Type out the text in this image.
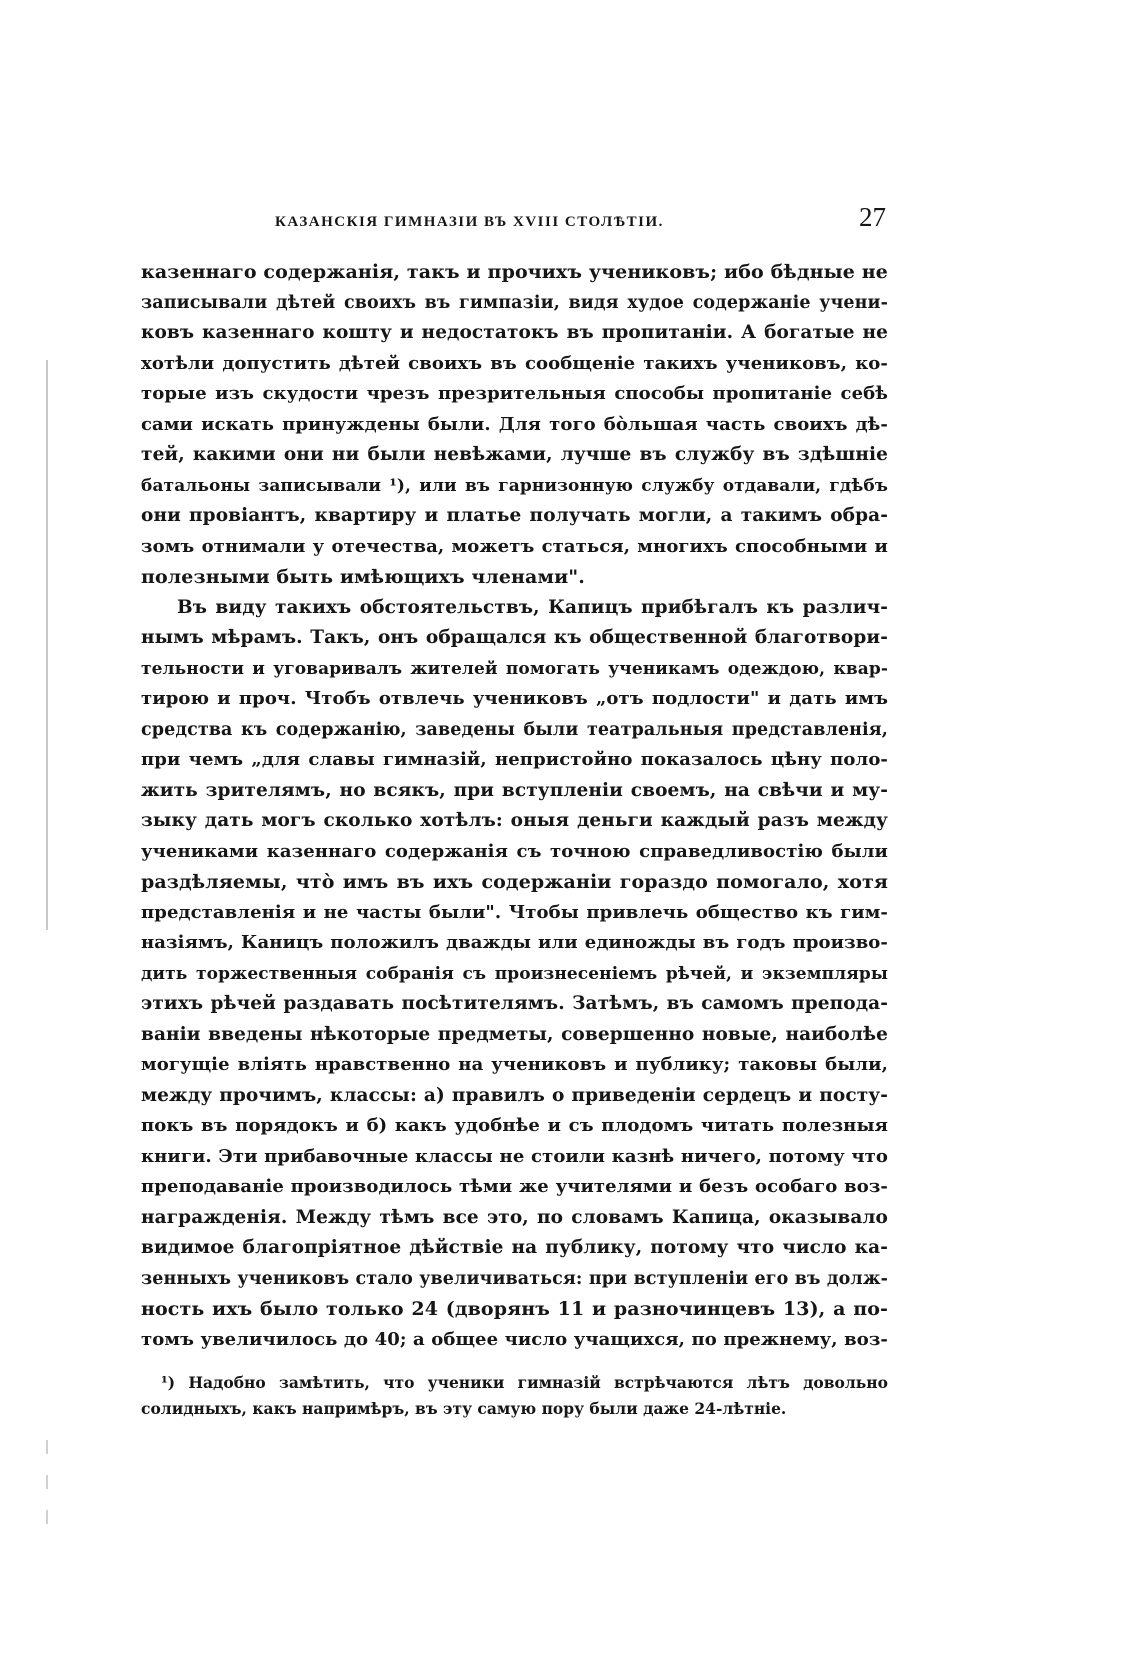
КАЗАНСКІЯ ГИМНАЗІИ ВЪ XVIII СТОЛѢТІИ.	27
казеннаго содержанія, такъ и прочихъ учениковъ; ибо бѣдные не
записывали дѣтей своихъ въ гимпазіи, видя худое содержаніе учени-
ковъ казеннаго кошту и недостатокъ въ пропитаніи. А богатые не
хотѣли допустить дѣтей своихъ въ сообщеніе такихъ учениковъ, ко-
торые изъ скудости чрезъ презрительныя способы пропитаніе себѣ
сами искать принуждены были. Для того бо̀льшая часть своихъ дѣ-
тей, какими они ни были невѣжами, лучше въ службу въ здѣшніе
батальоны записывали ¹), или въ гарнизонную службу отдавали, гдѣбъ
они провіантъ, квартиру и платье получать могли, а такимъ обра-
зомъ отнимали у отечества, можетъ статься, многихъ способными и
полезными быть имѣющихъ членами".
Въ виду такихъ обстоятельствъ, Капицъ прибѣгалъ къ различ-
нымъ мѣрамъ. Такъ, онъ обращался къ общественной благотвори-
тельности и уговаривалъ жителей помогать ученикамъ одеждою, квар-
тирою и проч. Чтобъ отвлечь учениковъ „отъ подлости" и дать имъ
средства къ содержанію, заведены были театральныя представленія,
при чемъ „для славы гимназій, непристойно показалось цѣну поло-
жить зрителямъ, но всякъ, при вступленіи своемъ, на свѣчи и му-
зыку дать могъ сколько хотѣлъ: оныя деньги каждый разъ между
учениками казеннаго содержанія съ точною справедливостію были
раздѣляемы, что̀ имъ въ ихъ содержаніи гораздо помогало, хотя
представленія и не часты были". Чтобы привлечь общество къ гим-
назіямъ, Каницъ положилъ дважды или единожды въ годъ произво-
дить торжественныя собранія съ произнесеніемъ рѣчей, и экземпляры
этихъ рѣчей раздавать посѣтителямъ. Затѣмъ, въ самомъ препода-
ваніи введены нѣкоторые предметы, совершенно новые, наиболѣе
могущіе вліять нравственно на учениковъ и публику; таковы были,
между прочимъ, классы: а) правилъ о приведеніи сердецъ и посту-
покъ въ порядокъ и б) какъ удобнѣе и съ плодомъ читать полезныя
книги. Эти прибавочные классы не стоили казнѣ ничего, потому что
преподаваніе производилось тѣми же учителями и безъ особаго воз-
награжденія. Между тѣмъ все это, по словамъ Капица, оказывало
видимое благопріятное дѣйствіе на публику, потому что число ка-
зенныхъ учениковъ стало увеличиваться: при вступленіи его въ долж-
ность ихъ было только 24 (дворянъ 11 и разночинцевъ 13), а по-
томъ увеличилось до 40; а общее число учащихся, по прежнему, воз-
¹) Надобно замѣтить, что ученики гимназій встрѣчаются лѣтъ довольно
солидныхъ, какъ напримѣръ, въ эту самую пору были даже 24-лѣтніе.
